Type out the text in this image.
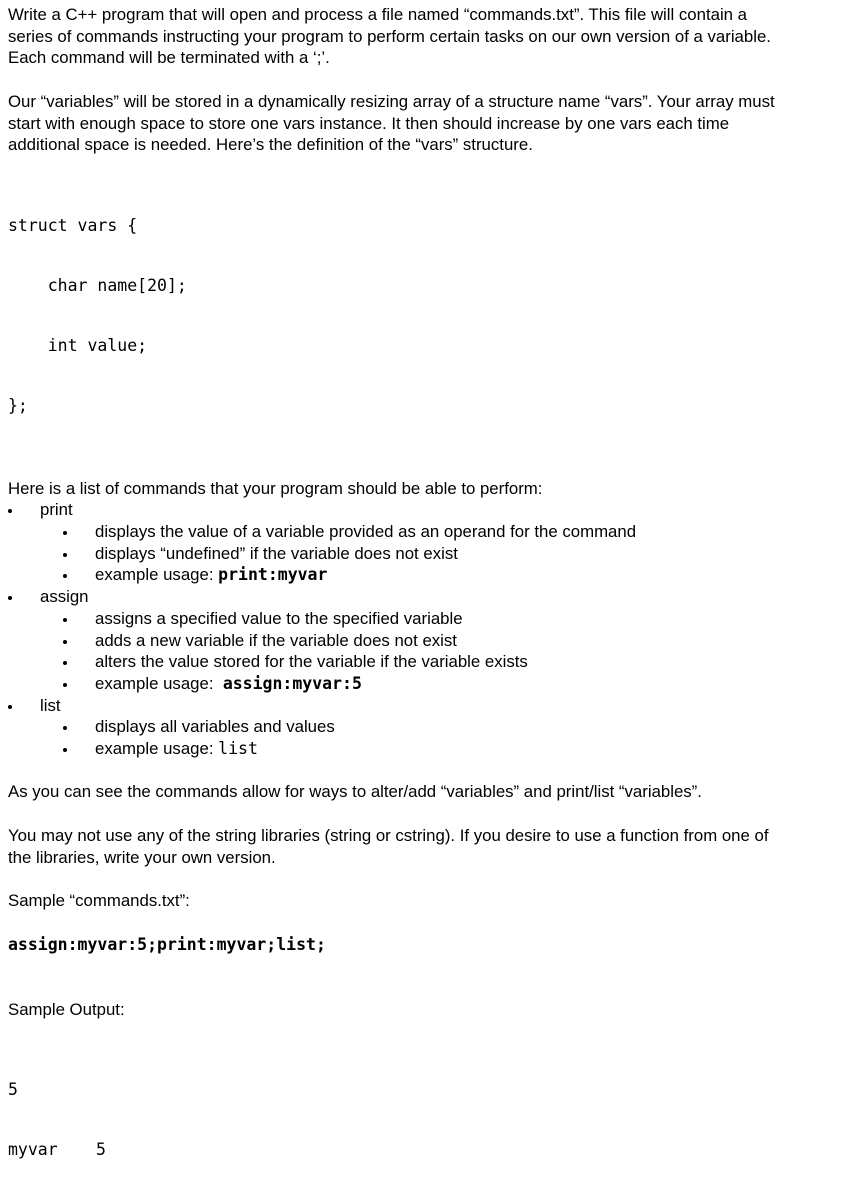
Write a C++ program that will open and process a file named “commands.txt”. This file will contain a

series of commands instructing your program to perform certain tasks on our own version of a variable.

Each command will be terminated with a ‘;’.

Our “variables” will be stored in a dynamically resizing array of a structure name “vars”. Your array must

start with enough space to store one vars instance. It then should increase by one vars each time

additional space is needed. Here’s the definition of the “vars” structure.

struct vars {

char name[20];

int value;

};

Here is a list of commands that your program should be able to perform:

print
displays the value of a variable provided as an operand for the command
displays “undefined” if the variable does not exist
example usage: print:myvar
assign
assigns a specified value to the specified variable
adds a new variable if the variable does not exist
alters the value stored for the variable if the variable exists
example usage: assign:myvar:5
list
displays all variables and values
example usage: list

As you can see the commands allow for ways to alter/add “variables” and print/list “variables”.

You may not use any of the string libraries (string or cstring). If you desire to use a function from one of

the libraries, write your own version.

Sample “commands.txt”:

assign:myvar:5;print:myvar;list;

Sample Output:

5

myvar	5
